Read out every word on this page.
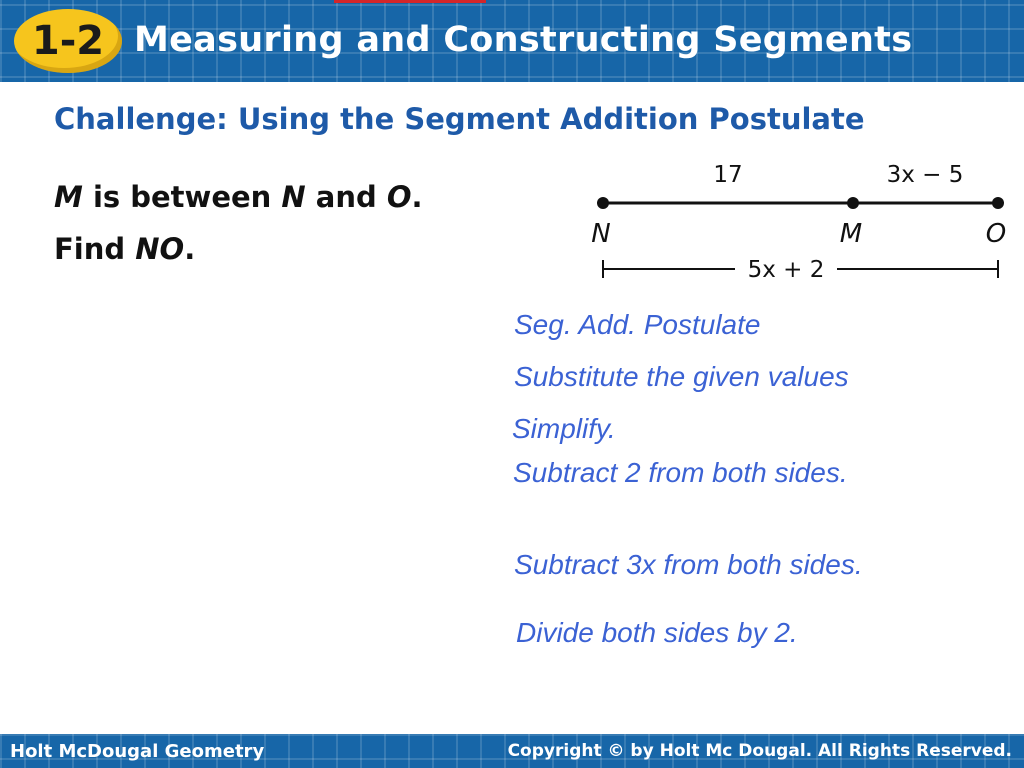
1-2 Measuring and Constructing Segments
Challenge: Using the Segment Addition Postulate
M is between N and O.
Find NO.
17	3x − 5
N	M	O
5x + 2
Seg. Add. Postulate
Substitute the given values
Simplify.
Subtract 2 from both sides.
Subtract 3x from both sides.
Divide both sides by 2.
Holt McDougal Geometry	Copyright © by Holt Mc Dougal. All Rights Reserved.
